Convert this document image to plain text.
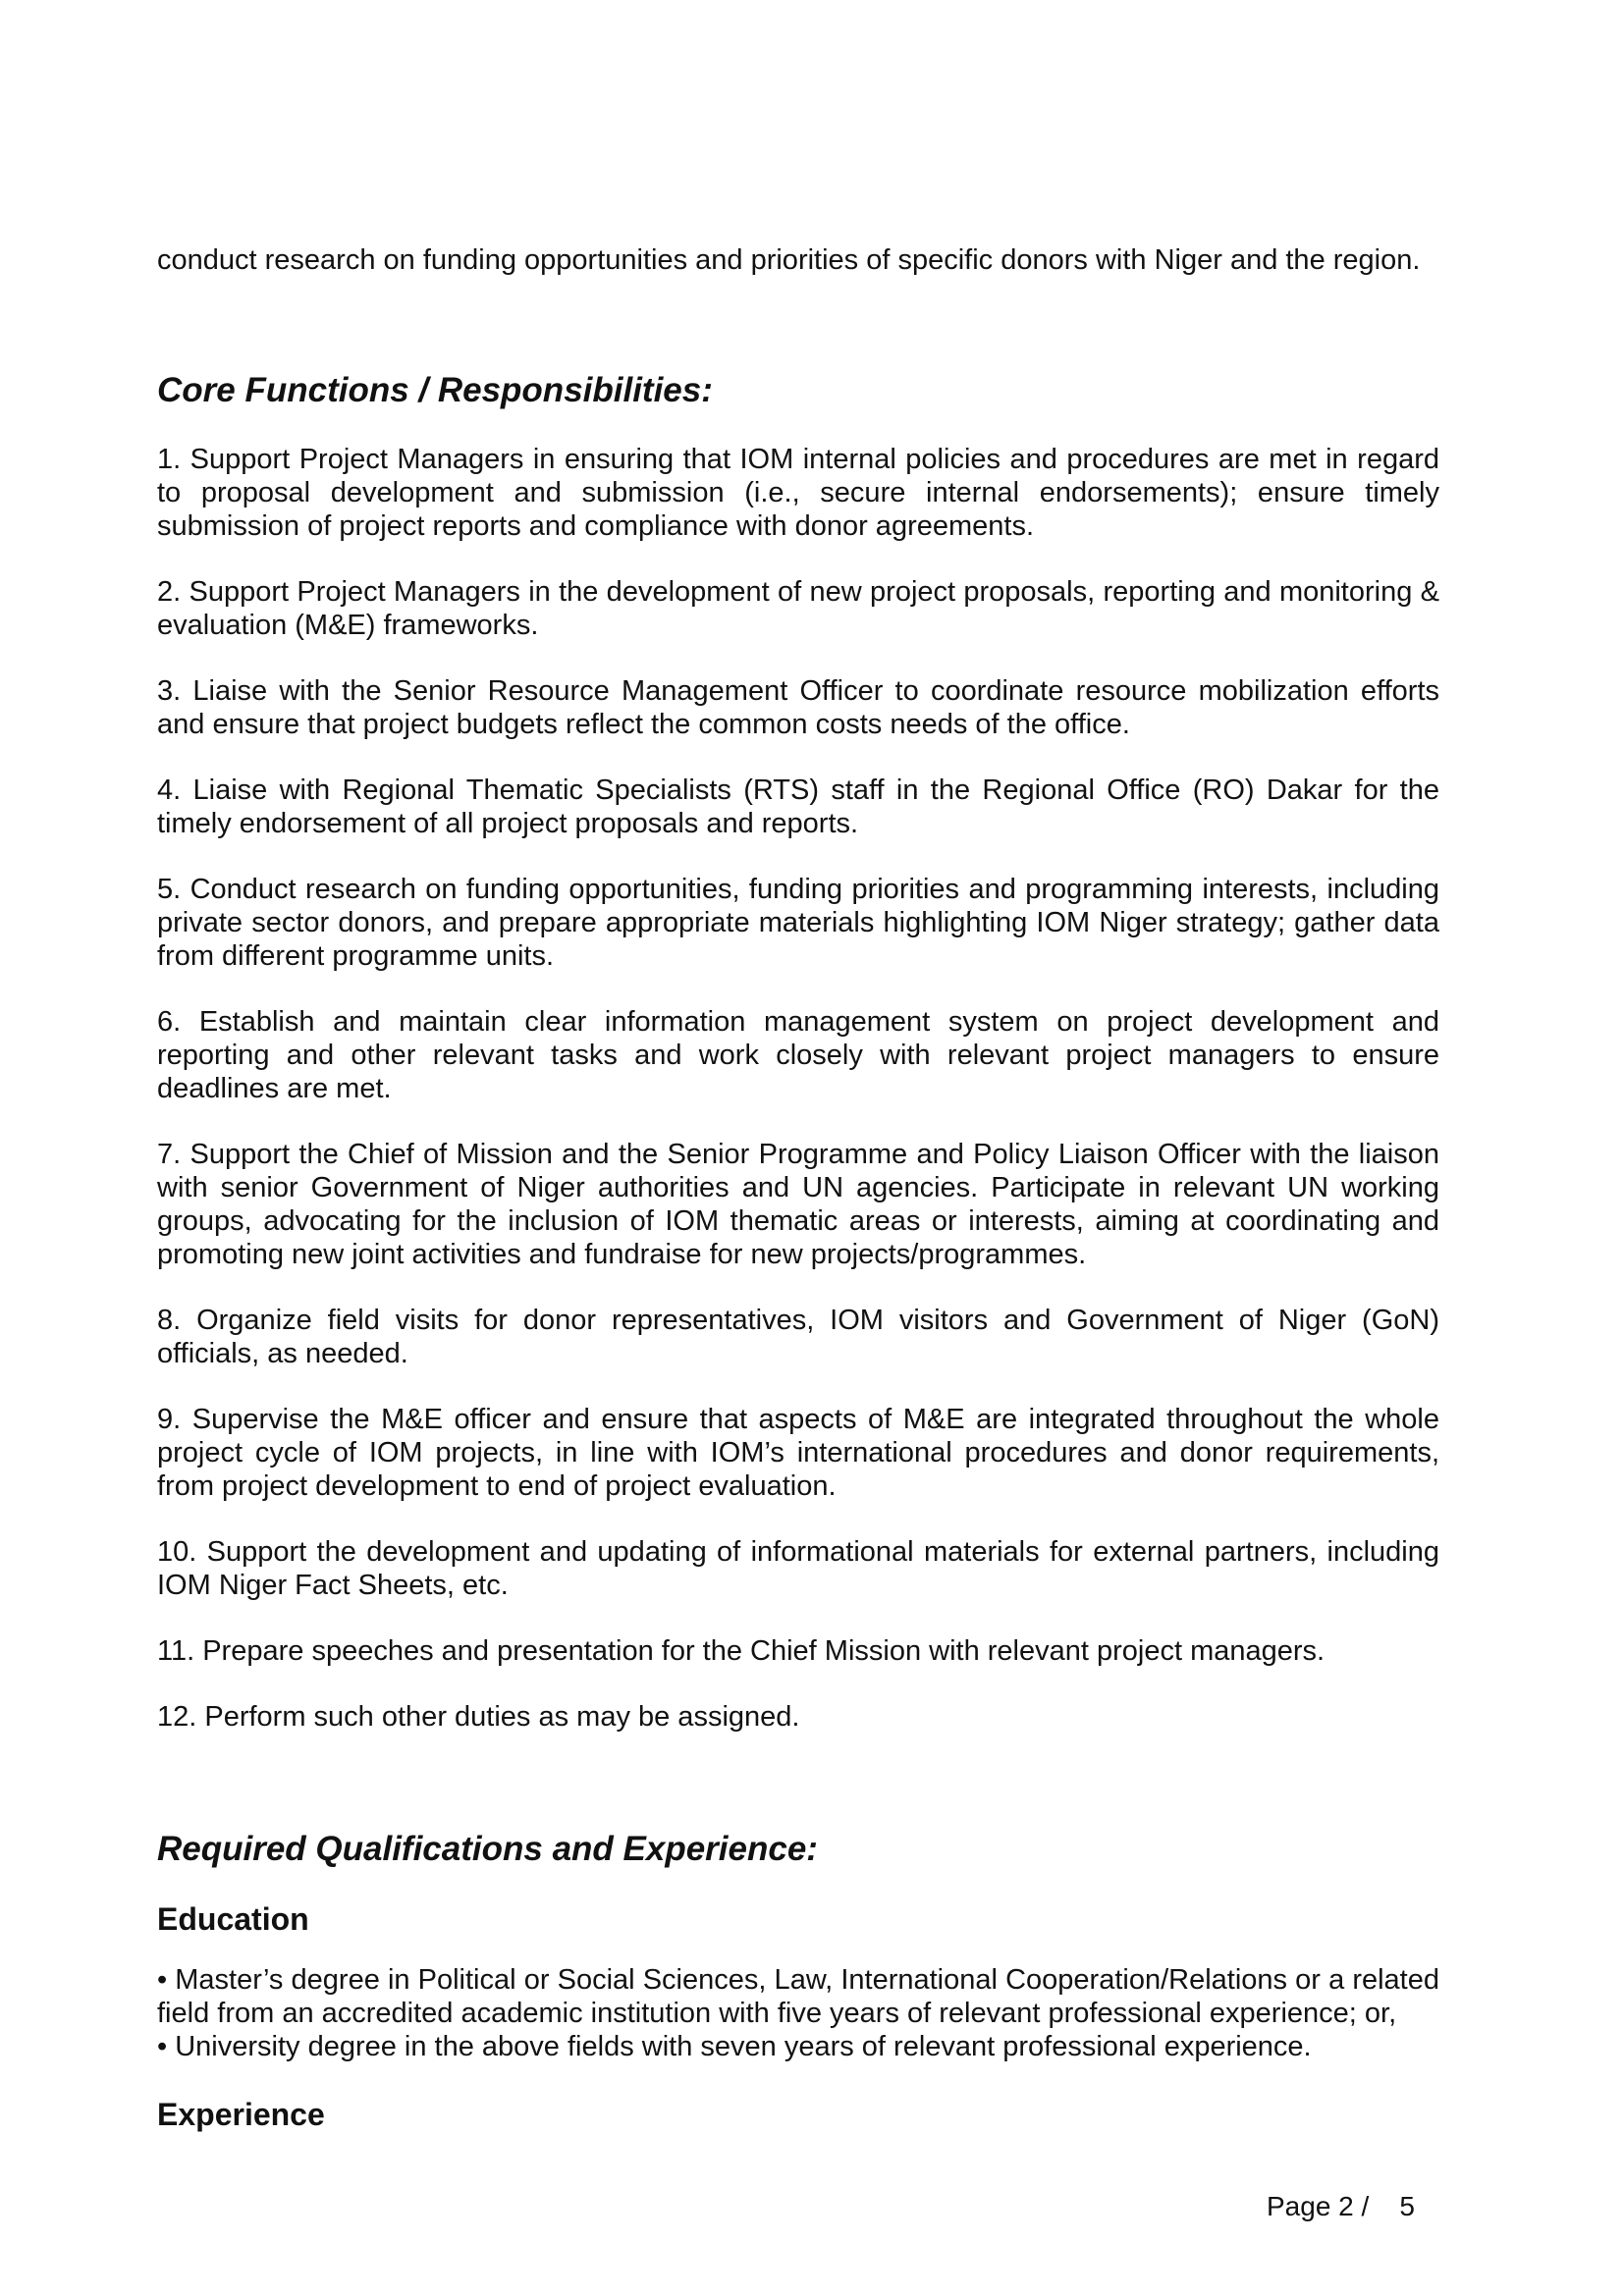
conduct research on funding opportunities and priorities of specific donors with Niger and the region.

Core Functions / Responsibilities:

1. Support Project Managers in ensuring that IOM internal policies and procedures are met in regard to proposal development and submission (i.e., secure internal endorsements); ensure timely submission of project reports and compliance with donor agreements.

2. Support Project Managers in the development of new project proposals, reporting and monitoring & evaluation (M&E) frameworks.

3. Liaise with the Senior Resource Management Officer to coordinate resource mobilization efforts and ensure that project budgets reflect the common costs needs of the office.

4. Liaise with Regional Thematic Specialists (RTS) staff in the Regional Office (RO) Dakar for the timely endorsement of all project proposals and reports.

5. Conduct research on funding opportunities, funding priorities and programming interests, including private sector donors, and prepare appropriate materials highlighting IOM Niger strategy; gather data from different programme units.

6. Establish and maintain clear information management system on project development and reporting and other relevant tasks and work closely with relevant project managers to ensure deadlines are met.

7. Support the Chief of Mission and the Senior Programme and Policy Liaison Officer with the liaison with senior Government of Niger authorities and UN agencies. Participate in relevant UN working groups, advocating for the inclusion of IOM thematic areas or interests, aiming at coordinating and promoting new joint activities and fundraise for new projects/programmes.

8. Organize field visits for donor representatives, IOM visitors and Government of Niger (GoN) officials, as needed.

9. Supervise the M&E officer and ensure that aspects of M&E are integrated throughout the whole project cycle of IOM projects, in line with IOM’s international procedures and donor requirements, from project development to end of project evaluation.

10. Support the development and updating of informational materials for external partners, including IOM Niger Fact Sheets, etc.

11. Prepare speeches and presentation for the Chief Mission with relevant project managers.

12. Perform such other duties as may be assigned.

Required Qualifications and Experience:
Education

• Master’s degree in Political or Social Sciences, Law, International Cooperation/Relations or a related field from an accredited academic institution with five years of relevant professional experience; or,

• University degree in the above fields with seven years of relevant professional experience.

Experience
Page 2 /    5
